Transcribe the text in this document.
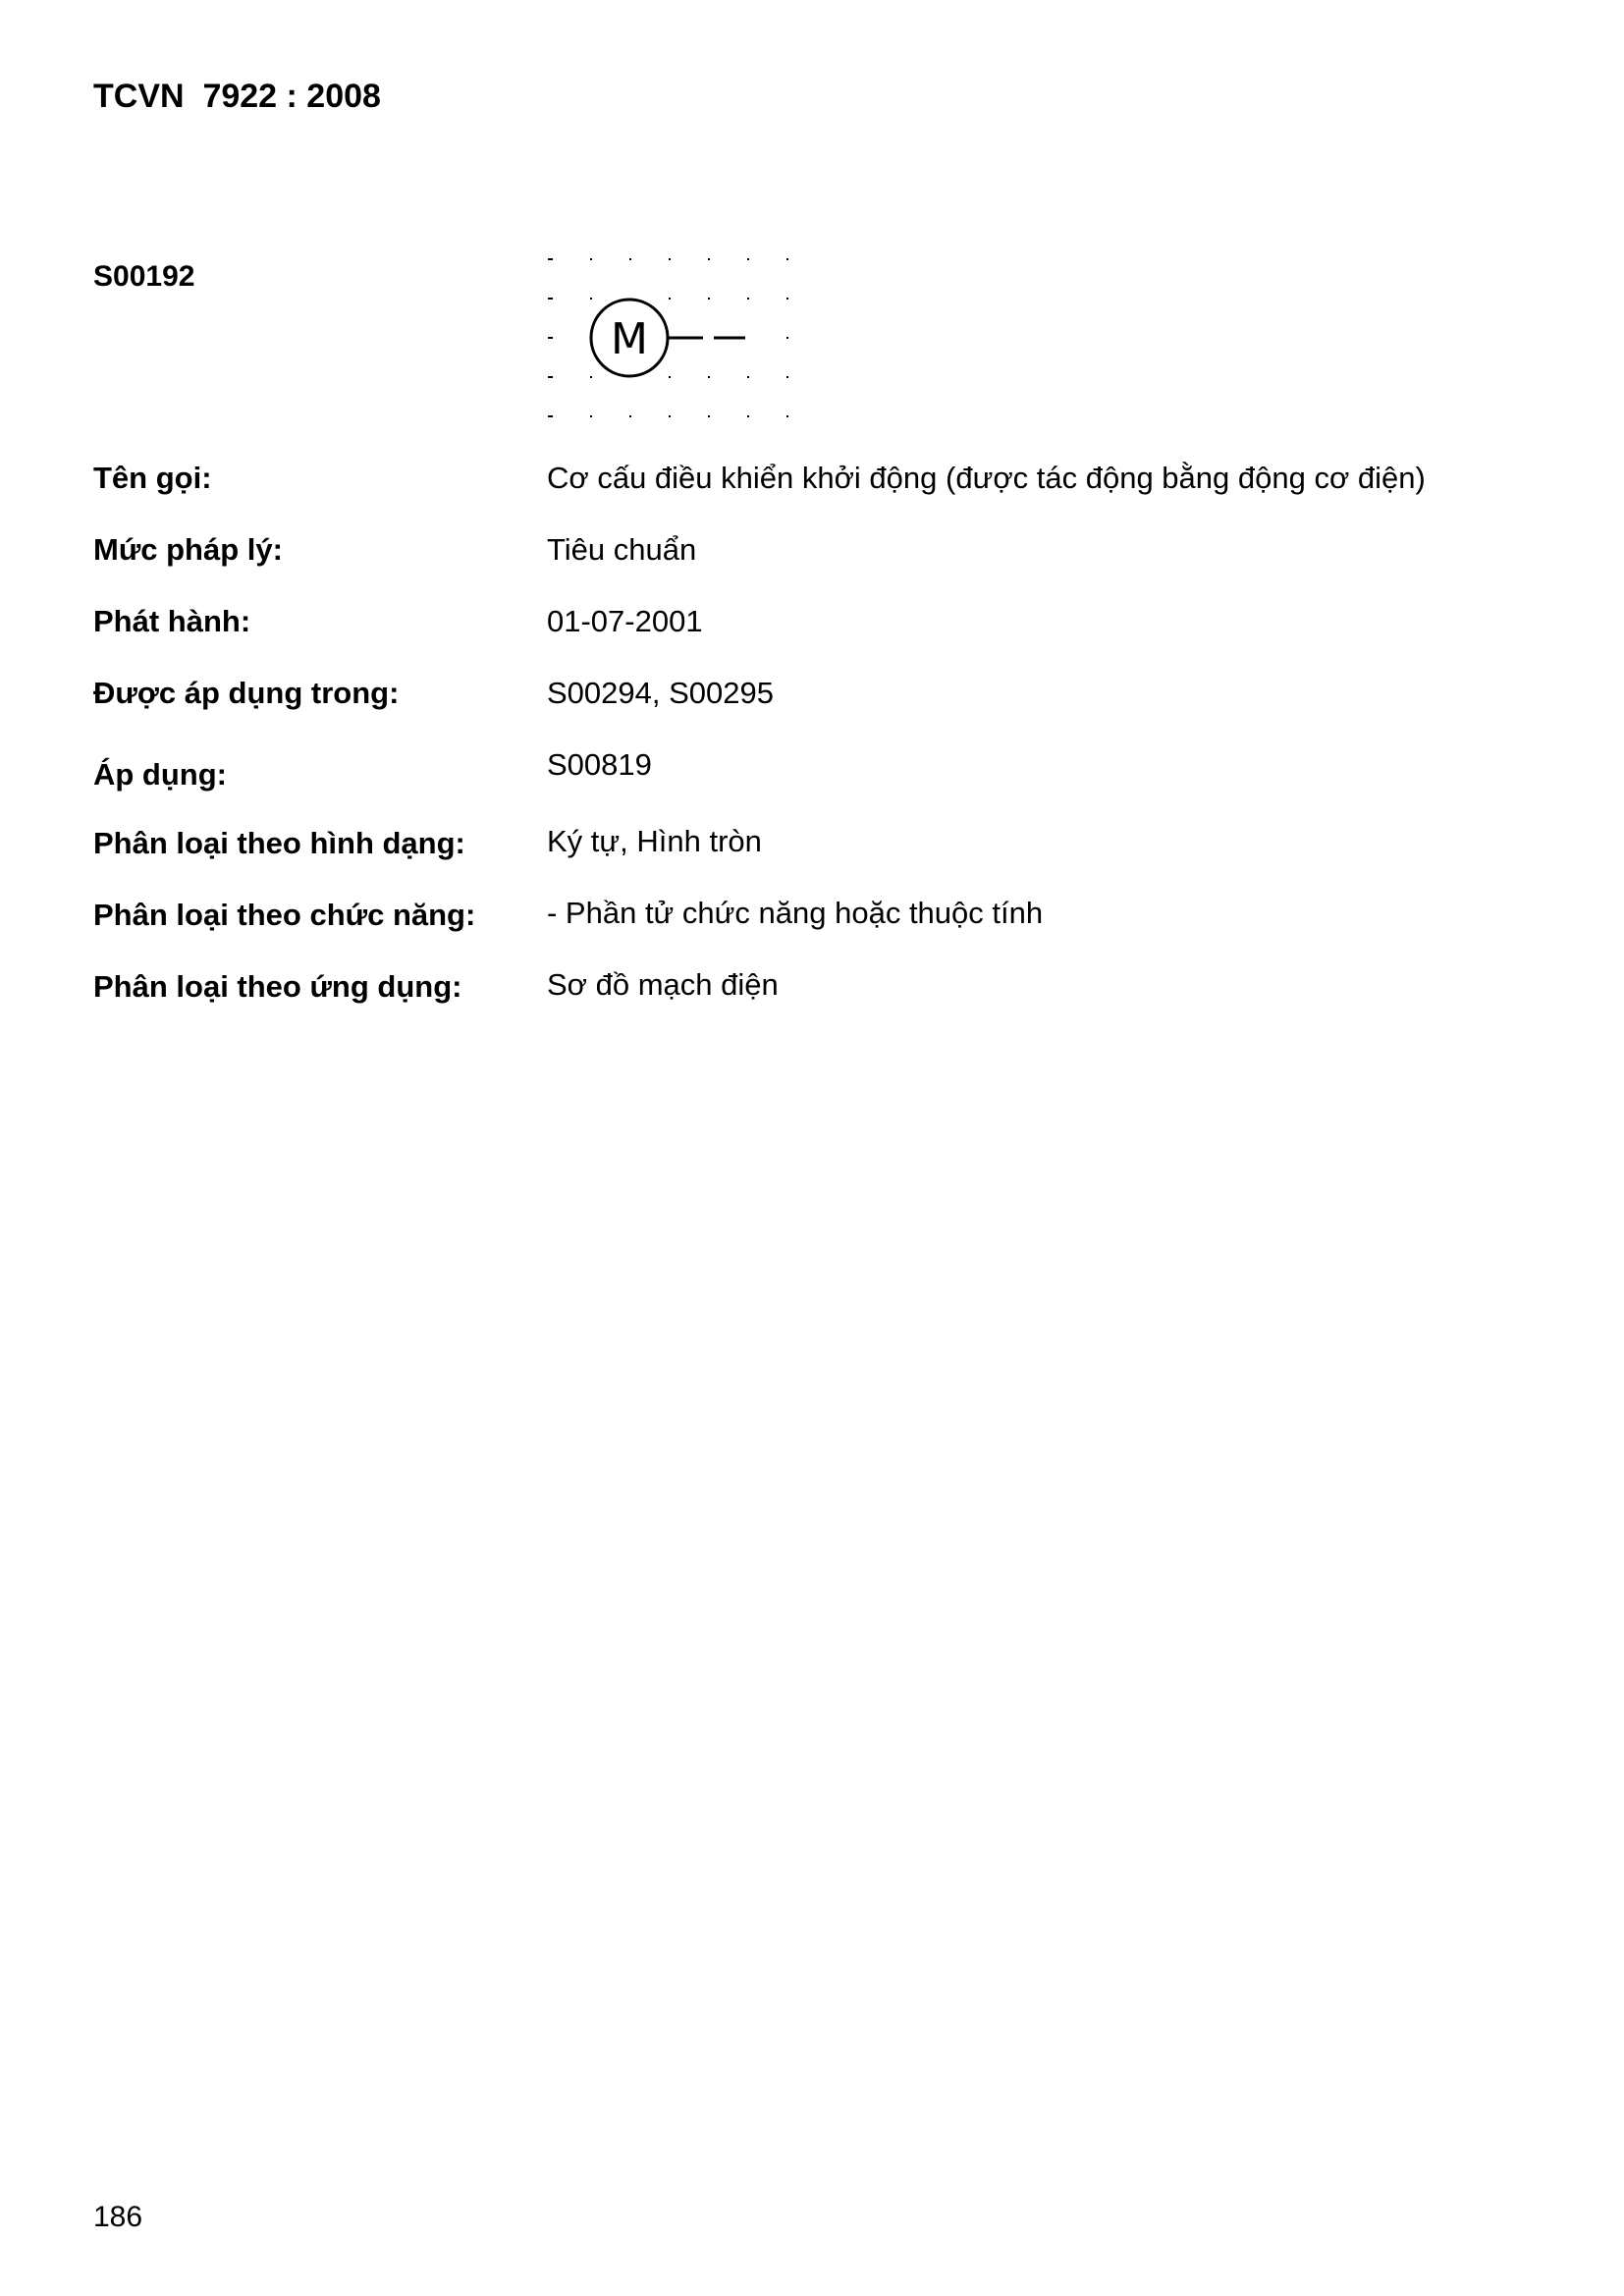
TCVN  7922 : 2008
S00192
M
Tên gọi:	Cơ cấu điều khiển khởi động (được tác động bằng động cơ điện)
Mức pháp lý:	Tiêu chuẩn
Phát hành:	01-07-2001
Được áp dụng trong:	S00294, S00295
Áp dụng:	S00819
Phân loại theo hình dạng:	Ký tự, Hình tròn
Phân loại theo chức năng: - Phần tử chức năng hoặc thuộc tính
Phân loại theo ứng dụng:	Sơ đồ mạch điện
186
